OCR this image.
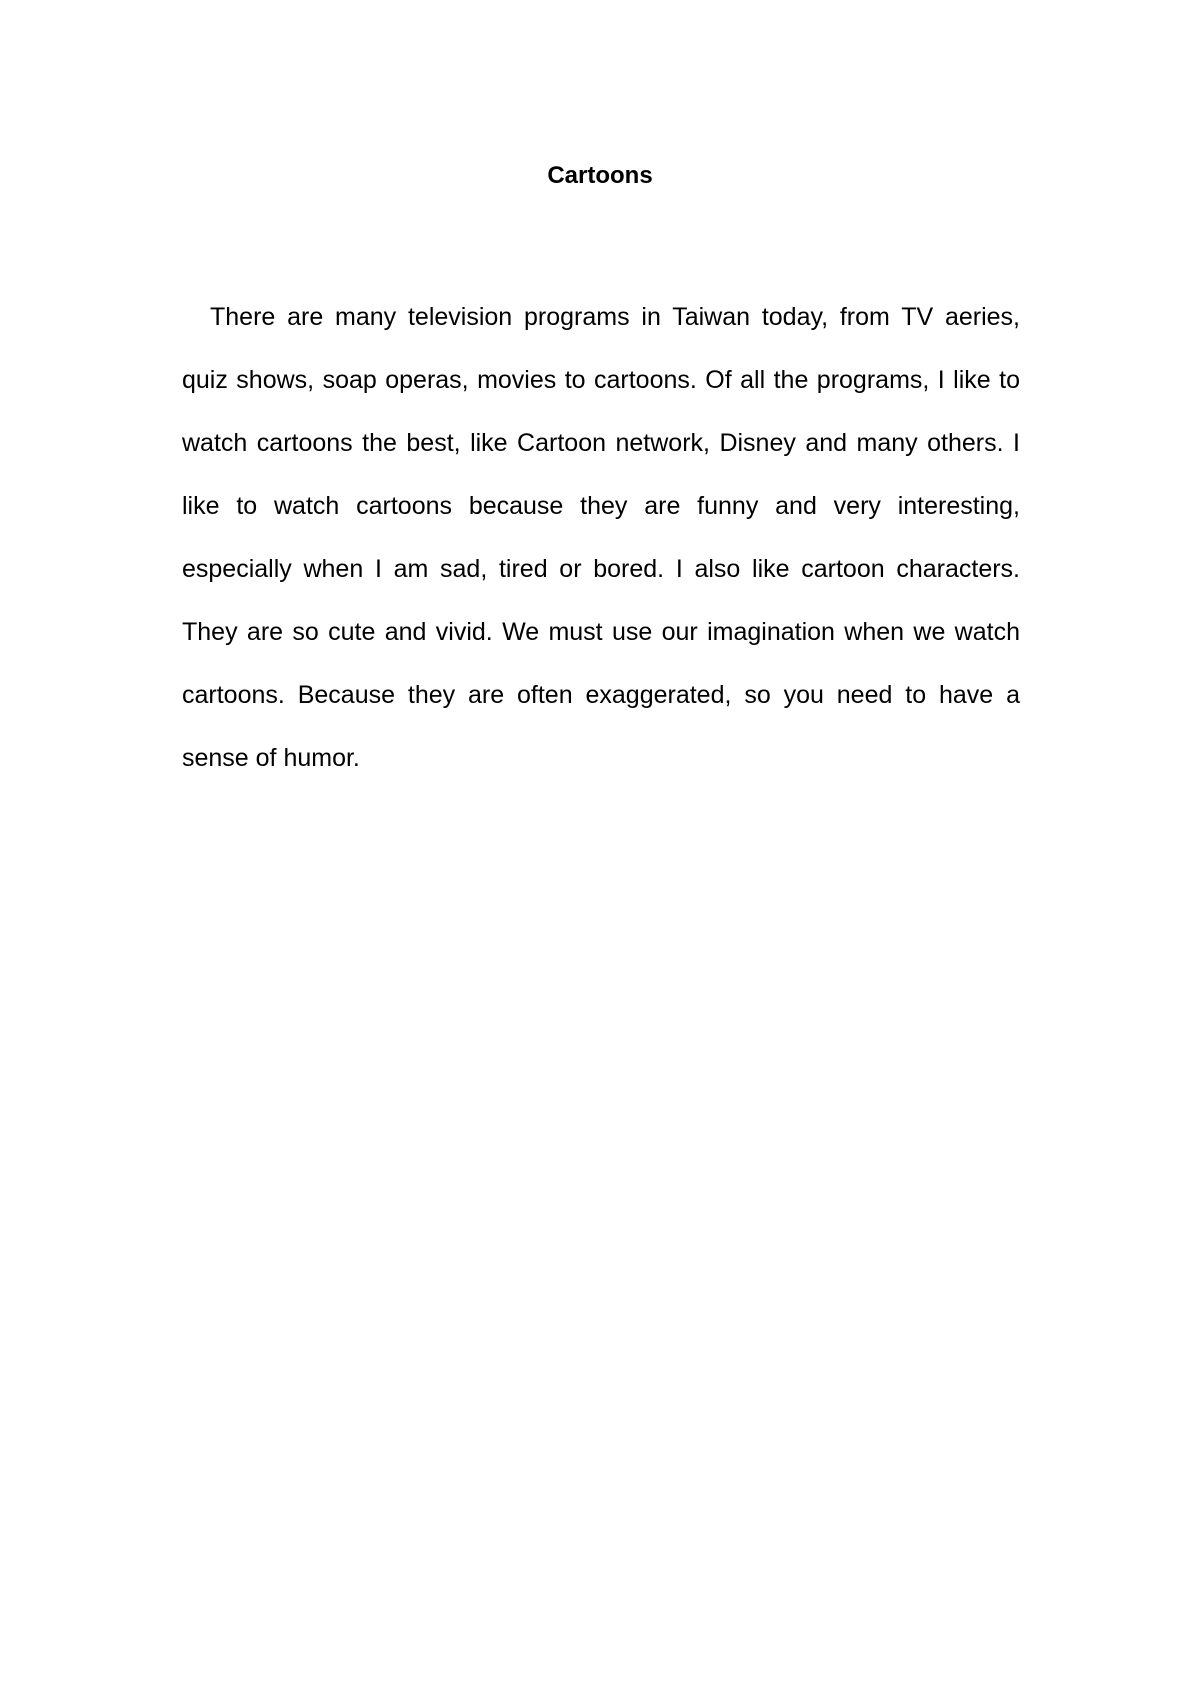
Cartoons

There are many television programs in Taiwan today, from TV aeries, quiz shows, soap operas, movies to cartoons. Of all the programs, I like to watch cartoons the best, like Cartoon network, Disney and many others. I like to watch cartoons because they are funny and very interesting, especially when I am sad, tired or bored. I also like cartoon characters. They are so cute and vivid. We must use our imagination when we watch cartoons. Because they are often exaggerated, so you need to have a sense of humor.
